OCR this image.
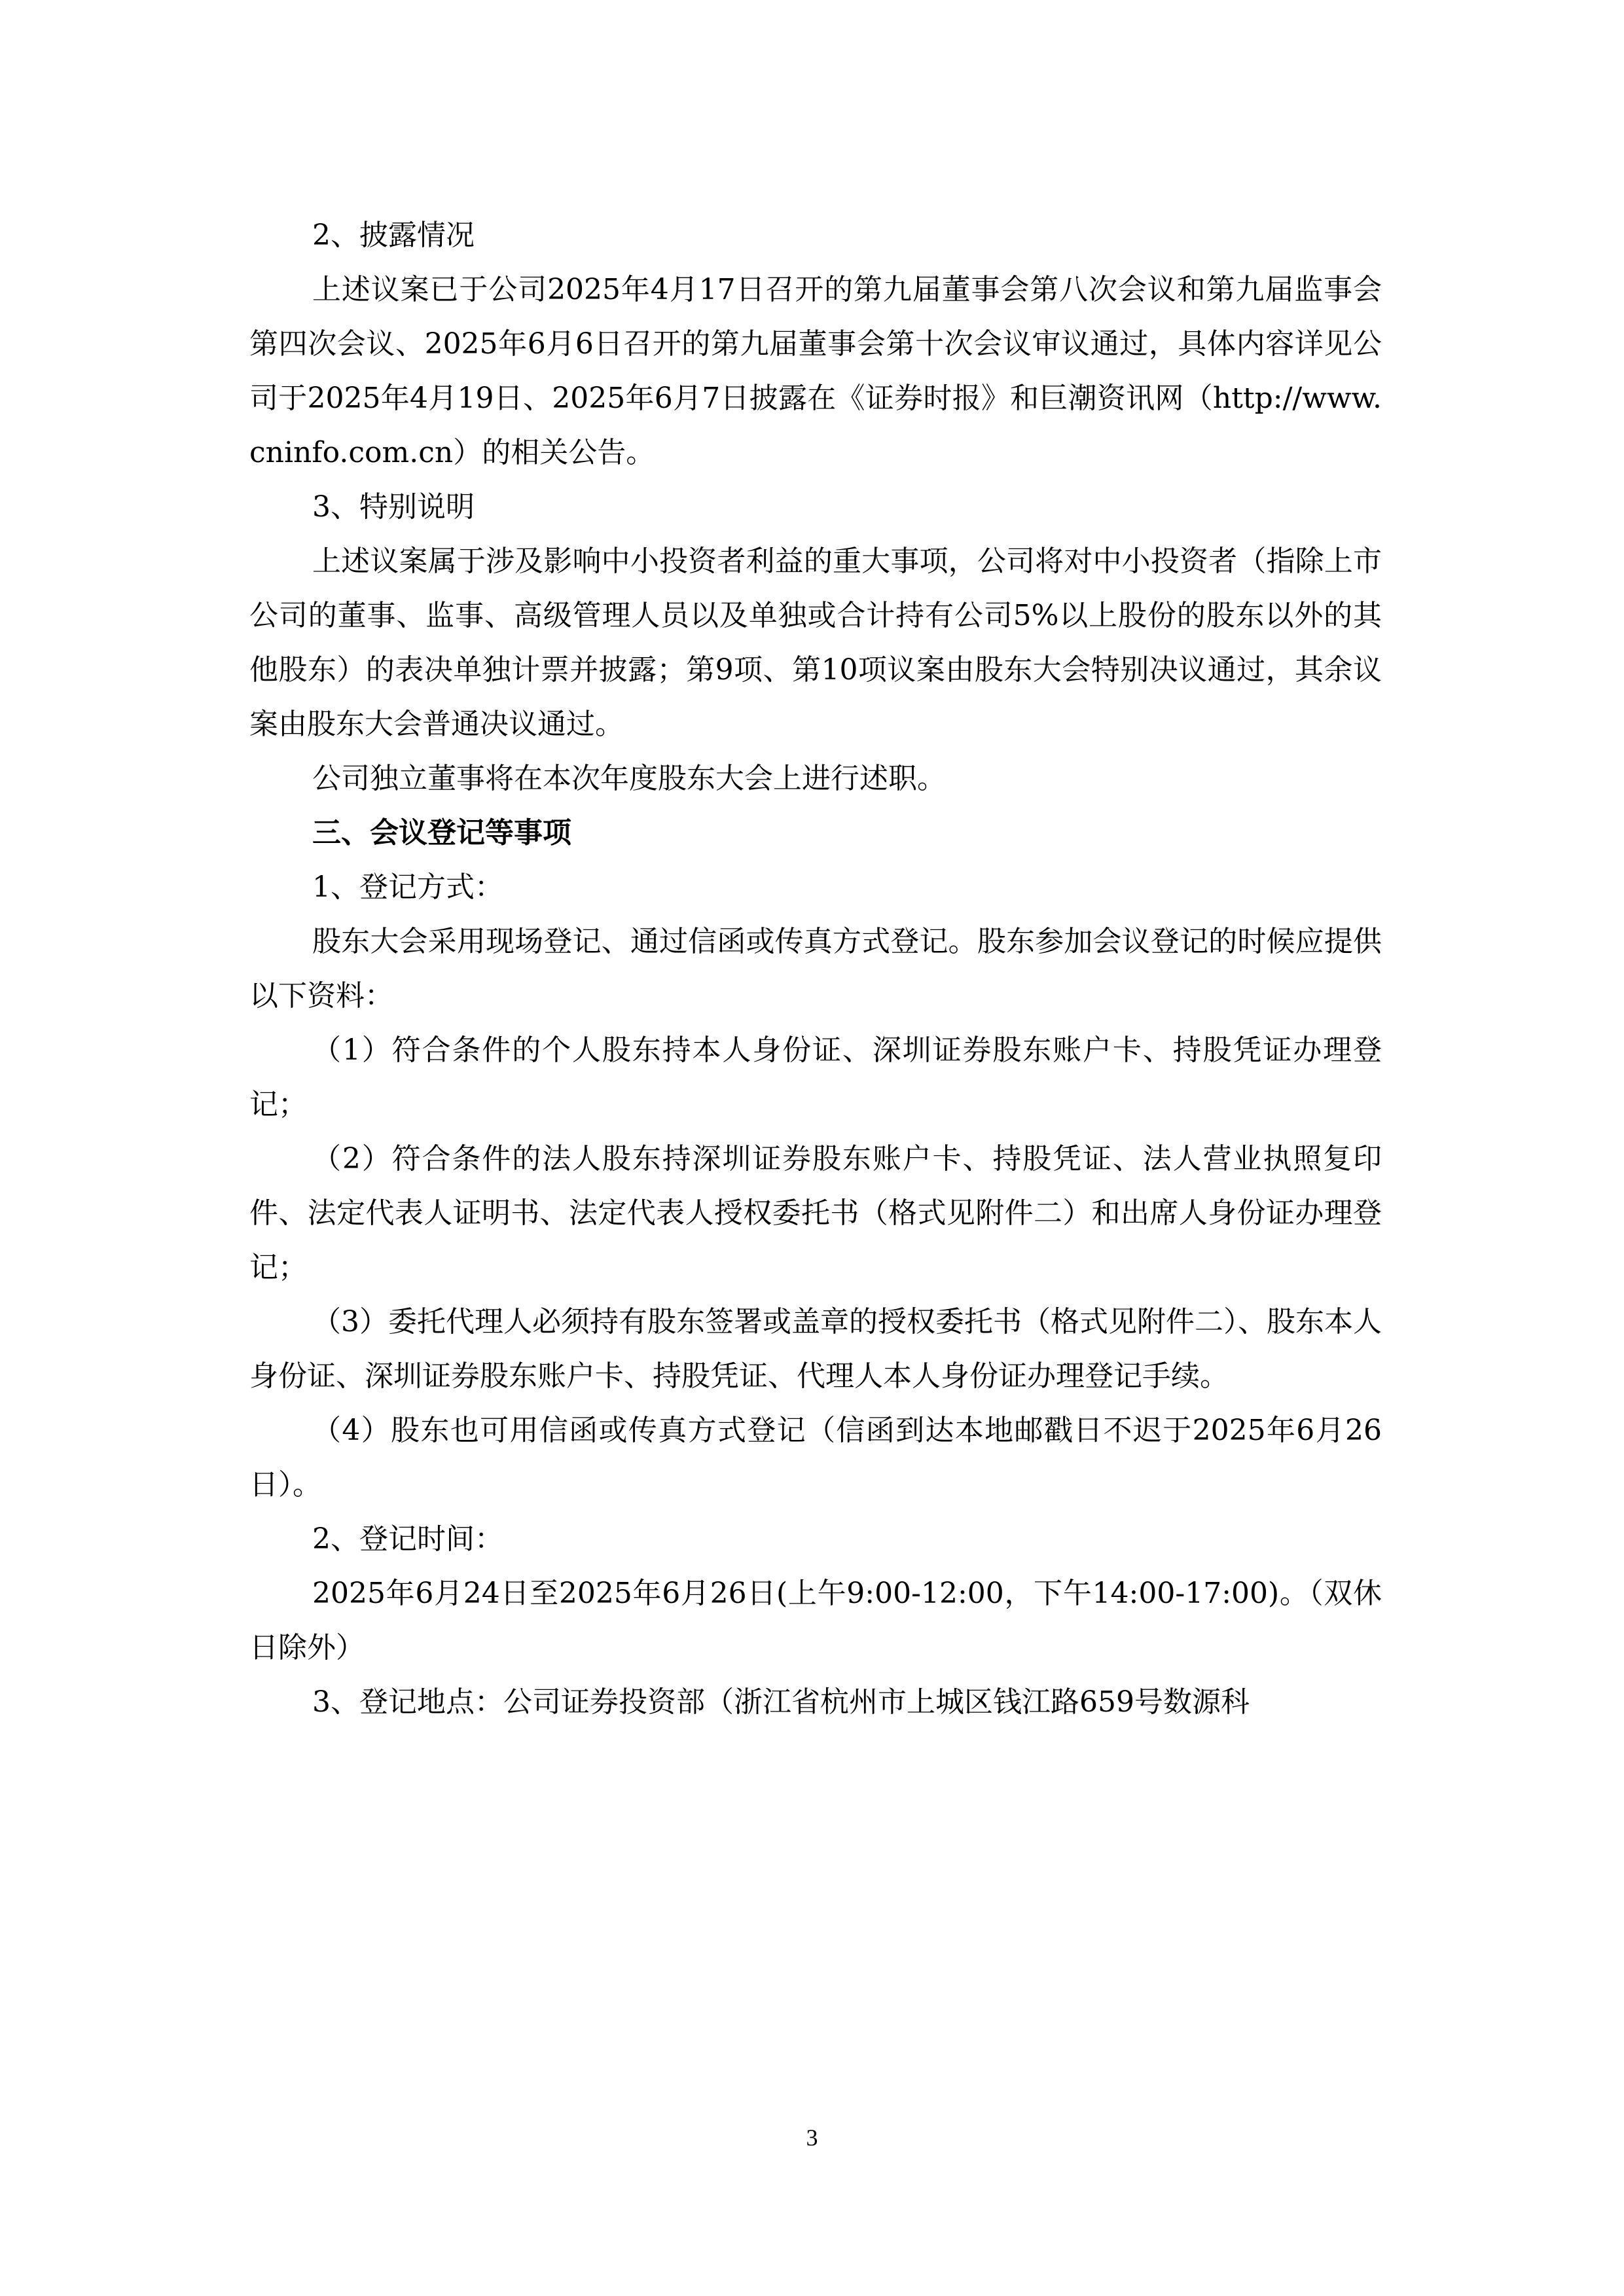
2、披露情况

上述议案已于公司2025年4月17日召开的第九届董事会第八次会议和第九届监事会第四次会议、2025年6月6日召开的第九届董事会第十次会议审议通过，具体内容详见公司于2025年4月19日、2025年6月7日披露在《证券时报》和巨潮资讯网（http://www.cninfo.com.cn）的相关公告。

3、特别说明

上述议案属于涉及影响中小投资者利益的重大事项，公司将对中小投资者（指除上市公司的董事、监事、高级管理人员以及单独或合计持有公司5%以上股份的股东以外的其他股东）的表决单独计票并披露；第9项、第10项议案由股东大会特别决议通过，其余议案由股东大会普通决议通过。

公司独立董事将在本次年度股东大会上进行述职。

三、会议登记等事项

1、登记方式：

股东大会采用现场登记、通过信函或传真方式登记。股东参加会议登记的时候应提供以下资料：

（1）符合条件的个人股东持本人身份证、深圳证券股东账户卡、持股凭证办理登记；

（2）符合条件的法人股东持深圳证券股东账户卡、持股凭证、法人营业执照复印件、法定代表人证明书、法定代表人授权委托书（格式见附件二）和出席人身份证办理登记；

（3）委托代理人必须持有股东签署或盖章的授权委托书（格式见附件二）、股东本人身份证、深圳证券股东账户卡、持股凭证、代理人本人身份证办理登记手续。

（4）股东也可用信函或传真方式登记（信函到达本地邮戳日不迟于2025年6月26日）。

2、登记时间：

2025年6月24日至2025年6月26日(上午9:00-12:00，下午14:00-17:00)。（双休日除外）

3、登记地点：公司证券投资部（浙江省杭州市上城区钱江路659号数源科

3
